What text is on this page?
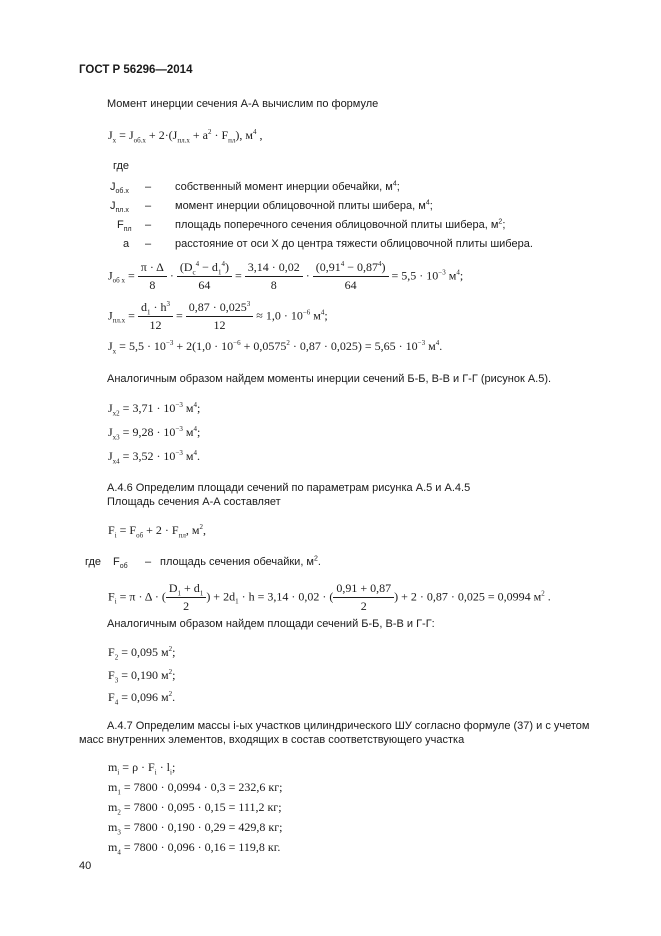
ГОСТ Р 56296—2014
Момент инерции сечения А-А вычислим по формуле
$J_x = J_{об.x} + 2\cdot(J_{пл.x} + a^2 \cdot F_{пл})$, $м^4$ ,
где
$J_{об.x}$ – собственный момент инерции обечайки, $м^4$;
$J_{пл.x}$ – момент инерции облицовочной плиты шибера, $м^4$;
$F_{пл}$ – площадь поперечного сечения облицовочной плиты шибера, $м^2$;
a – расстояние от оси X до центра тяжести облицовочной плиты шибера.
$J_{об x} = \frac{\pi \cdot \Delta}{8} \cdot \frac{(D_c^4 - d_1^4)}{64} = \frac{3,14 \cdot 0,02}{8} \cdot \frac{(0,91^4 - 0,87^4)}{64} = 5,5 \cdot 10^{-3}$ $м^4$;
$J_{пл.x} = \frac{d_1 \cdot h^3}{12} = \frac{0,87 \cdot 0,025^3}{12} \approx 1,0 \cdot 10^{-6}$ $м^4$;
$J_x = 5,5 \cdot 10^{-3} + 2(1,0 \cdot 10^{-6} + 0,0575^2 \cdot 0,87 \cdot 0,025) = 5,65 \cdot 10^{-3}$ $м^4$.
Аналогичным образом найдем моменты инерции сечений Б-Б, В-В и Г-Г (рисунок А.5).
$J_{x2} = 3,71 \cdot 10^{-3}$ $м^4$;
$J_{x3} = 9,28 \cdot 10^{-3}$ $м^4$;
$J_{x4} = 3,52 \cdot 10^{-3}$ $м^4$.
А.4.6 Определим площади сечений по параметрам рисунка А.5 и А.4.5
Площадь сечения А-А составляет
$F_i = F_{об} + 2 \cdot F_{пл}$, $м^2$,
где $F_{об}$ – площадь сечения обечайки, $м^2$.
$F_i = \pi \cdot \Delta$ · ( $\frac{D_1 + d_1}{2}$ ) + $2d_1 \cdot h = 3,14 \cdot 0,02$ · ( $\frac{0,91 + 0,87}{2}$ ) + 2 · 0,87 · 0,025 = 0,0994 $м^2$ .
Аналогичным образом найдем площади сечений Б-Б, В-В и Г-Г:
$F_2 = 0,095$ $м^2$;
$F_3 = 0,190$ $м^2$;
$F_4 = 0,096$ $м^2$.
А.4.7 Определим массы i-ых участков цилиндрического ШУ согласно формуле (37) и с учетом
масс внутренних элементов, входящих в состав соответствующего участка
$m_i = \rho \cdot F_i \cdot l_i$;
$m_1 = 7800 \cdot 0,0994 \cdot 0,3 = 232,6$ кг;
$m_2 = 7800 \cdot 0,095 \cdot 0,15 = 111,2$ кг;
$m_3 = 7800 \cdot 0,190 \cdot 0,29 = 429,8$ кг;
$m_4 = 7800 \cdot 0,096 \cdot 0,16 = 119,8$ кг.
40
